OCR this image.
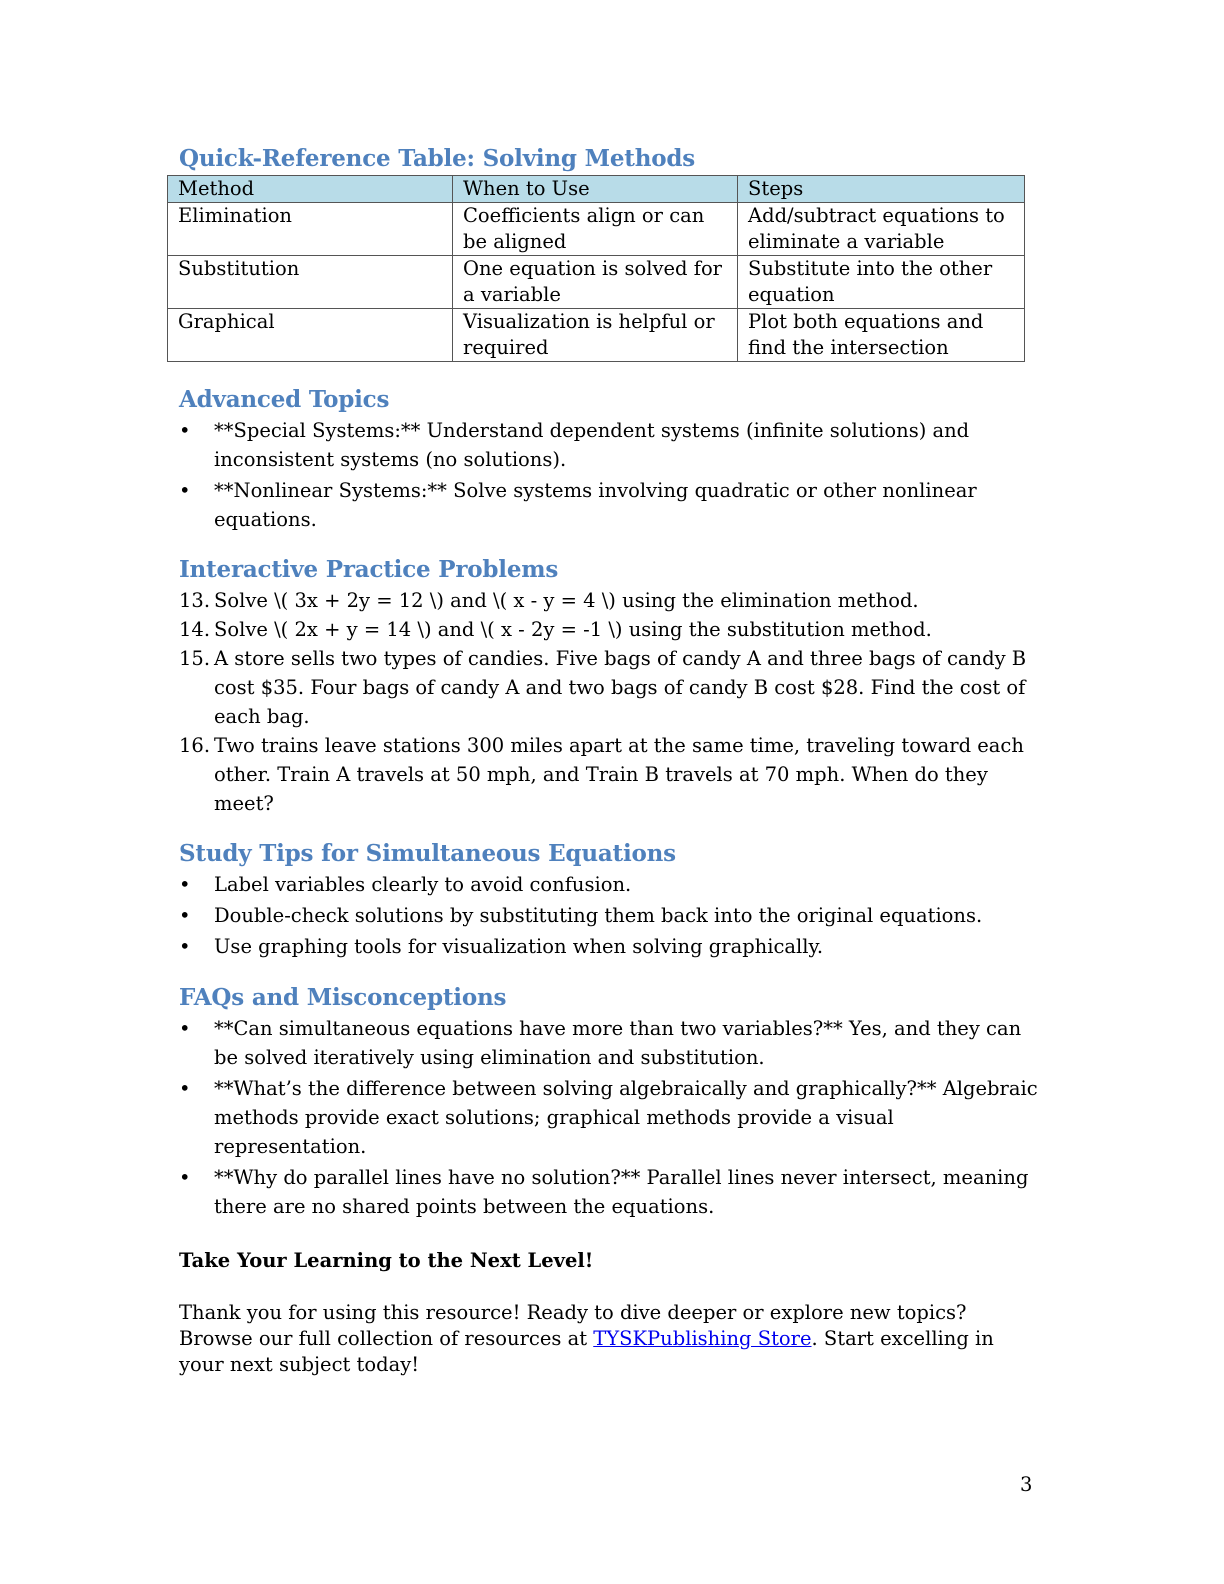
Quick-Reference Table: Solving Methods
Method	When to Use	Steps
Elimination	Coefficients align or can be aligned	Add/subtract equations to eliminate a variable
Substitution	One equation is solved for a variable	Substitute into the other equation
Graphical	Visualization is helpful or required	Plot both equations and find the intersection
Advanced Topics
• **Special Systems:** Understand dependent systems (infinite solutions) and inconsistent systems (no solutions).
• **Nonlinear Systems:** Solve systems involving quadratic or other nonlinear equations.
Interactive Practice Problems
13. Solve \( 3x + 2y = 12 \) and \( x - y = 4 \) using the elimination method.
14. Solve \( 2x + y = 14 \) and \( x - 2y = -1 \) using the substitution method.
15. A store sells two types of candies. Five bags of candy A and three bags of candy B cost $35. Four bags of candy A and two bags of candy B cost $28. Find the cost of each bag.
16. Two trains leave stations 300 miles apart at the same time, traveling toward each other. Train A travels at 50 mph, and Train B travels at 70 mph. When do they meet?
Study Tips for Simultaneous Equations
• Label variables clearly to avoid confusion.
• Double-check solutions by substituting them back into the original equations.
• Use graphing tools for visualization when solving graphically.
FAQs and Misconceptions
• **Can simultaneous equations have more than two variables?** Yes, and they can be solved iteratively using elimination and substitution.
• **What’s the difference between solving algebraically and graphically?** Algebraic methods provide exact solutions; graphical methods provide a visual representation.
• **Why do parallel lines have no solution?** Parallel lines never intersect, meaning there are no shared points between the equations.
Take Your Learning to the Next Level!
Thank you for using this resource! Ready to dive deeper or explore new topics? Browse our full collection of resources at TYSKPublishing Store. Start excelling in your next subject today!
3
